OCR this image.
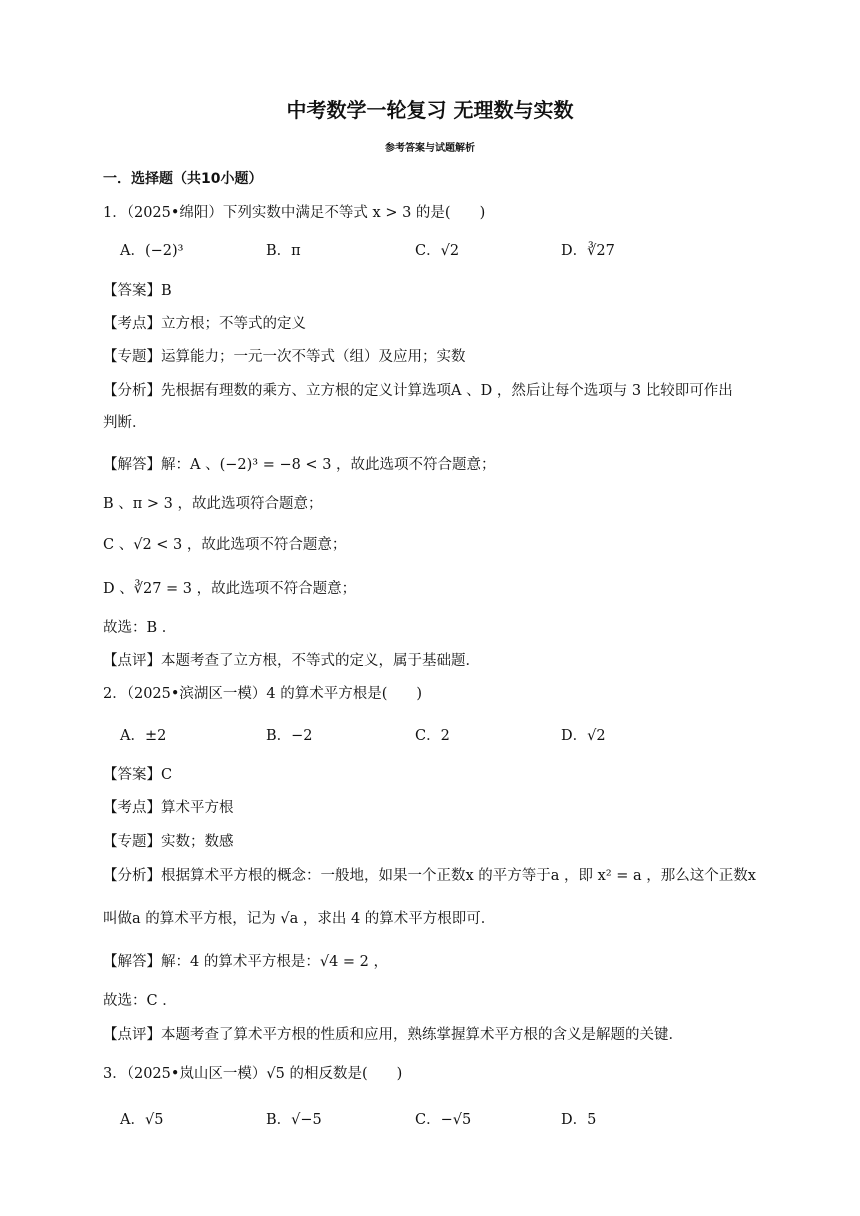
中考数学一轮复习 无理数与实数
参考答案与试题解析
一．选择题（共10小题）
1．（2025•绵阳）下列实数中满足不等式 x > 3 的是(　　)
A．(−2)³	B．π	C．√2	D．∛27
【答案】B
【考点】立方根；不等式的定义
【专题】运算能力；一元一次不等式（组）及应用；实数
【分析】先根据有理数的乘方、立方根的定义计算选项A 、D ，然后让每个选项与 3 比较即可作出
判断．
【解答】解：A 、(−2)³ = −8 < 3 ，故此选项不符合题意；
B 、π > 3 ，故此选项符合题意；
C 、√2 < 3 ，故此选项不符合题意；
D 、∛27 = 3 ，故此选项不符合题意；
故选：B ．
【点评】本题考查了立方根，不等式的定义，属于基础题．
2．（2025•滨湖区一模）4 的算术平方根是(　　)
A．±2	B．−2	C．2	D．√2
【答案】C
【考点】算术平方根
【专题】实数；数感
【分析】根据算术平方根的概念：一般地，如果一个正数x 的平方等于a ，即 x² = a ，那么这个正数x
叫做a 的算术平方根，记为 √a ，求出 4 的算术平方根即可．
【解答】解：4 的算术平方根是：√4 = 2 ，
故选：C ．
【点评】本题考查了算术平方根的性质和应用，熟练掌握算术平方根的含义是解题的关键．
3．（2025•岚山区一模）√5 的相反数是(　　)
A．√5	B．√−5	C．−√5	D．5
